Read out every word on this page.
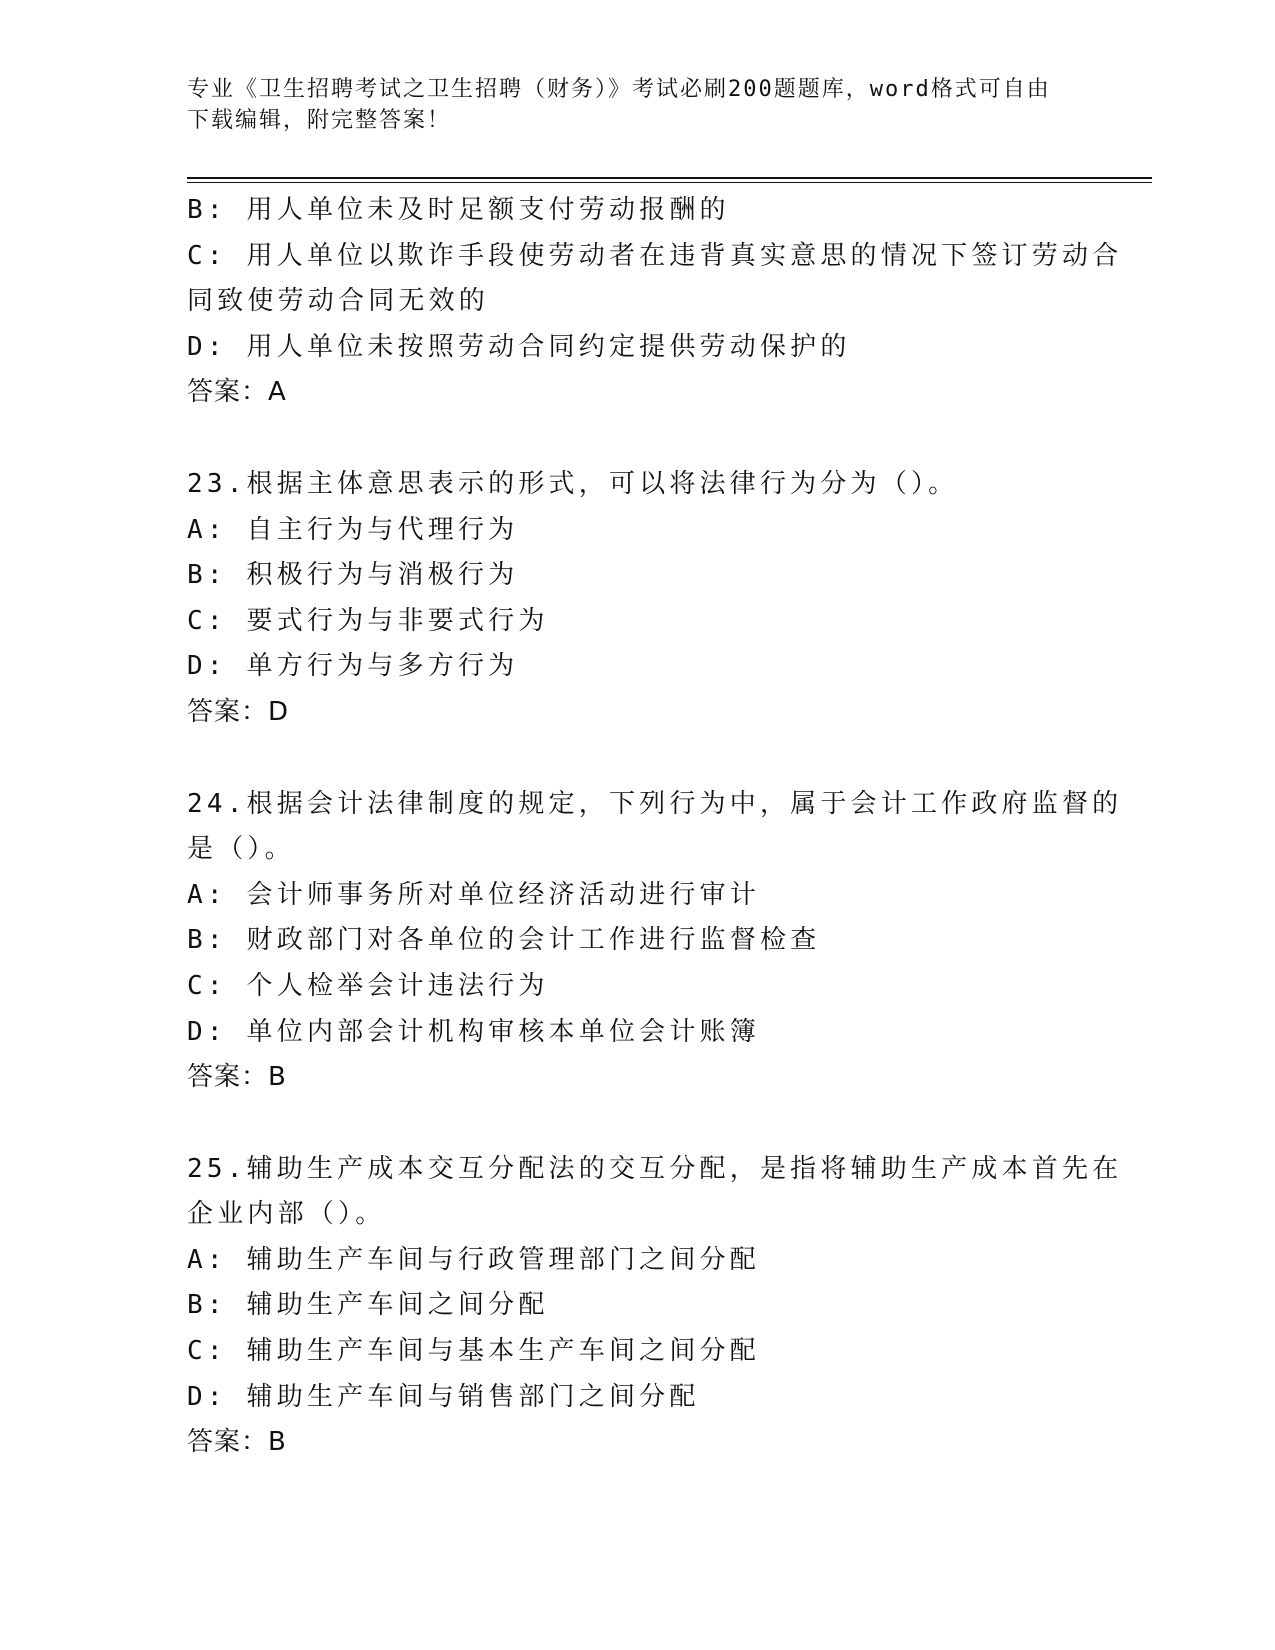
专业《卫生招聘考试之卫生招聘（财务）》考试必刷200题题库，word格式可自由下载编辑，附完整答案！
B: 用人单位未及时足额支付劳动报酬的
C: 用人单位以欺诈手段使劳动者在违背真实意思的情况下签订劳动合
同致使劳动合同无效的
D: 用人单位未按照劳动合同约定提供劳动保护的
答案：A
23.根据主体意思表示的形式，可以将法律行为分为（）。
A: 自主行为与代理行为
B: 积极行为与消极行为
C: 要式行为与非要式行为
D: 单方行为与多方行为
答案：D
24.根据会计法律制度的规定，下列行为中，属于会计工作政府监督的
是（）。
A: 会计师事务所对单位经济活动进行审计
B: 财政部门对各单位的会计工作进行监督检查
C: 个人检举会计违法行为
D: 单位内部会计机构审核本单位会计账簿
答案：B
25.辅助生产成本交互分配法的交互分配，是指将辅助生产成本首先在
企业内部（）。
A: 辅助生产车间与行政管理部门之间分配
B: 辅助生产车间之间分配
C: 辅助生产车间与基本生产车间之间分配
D: 辅助生产车间与销售部门之间分配
答案：B
